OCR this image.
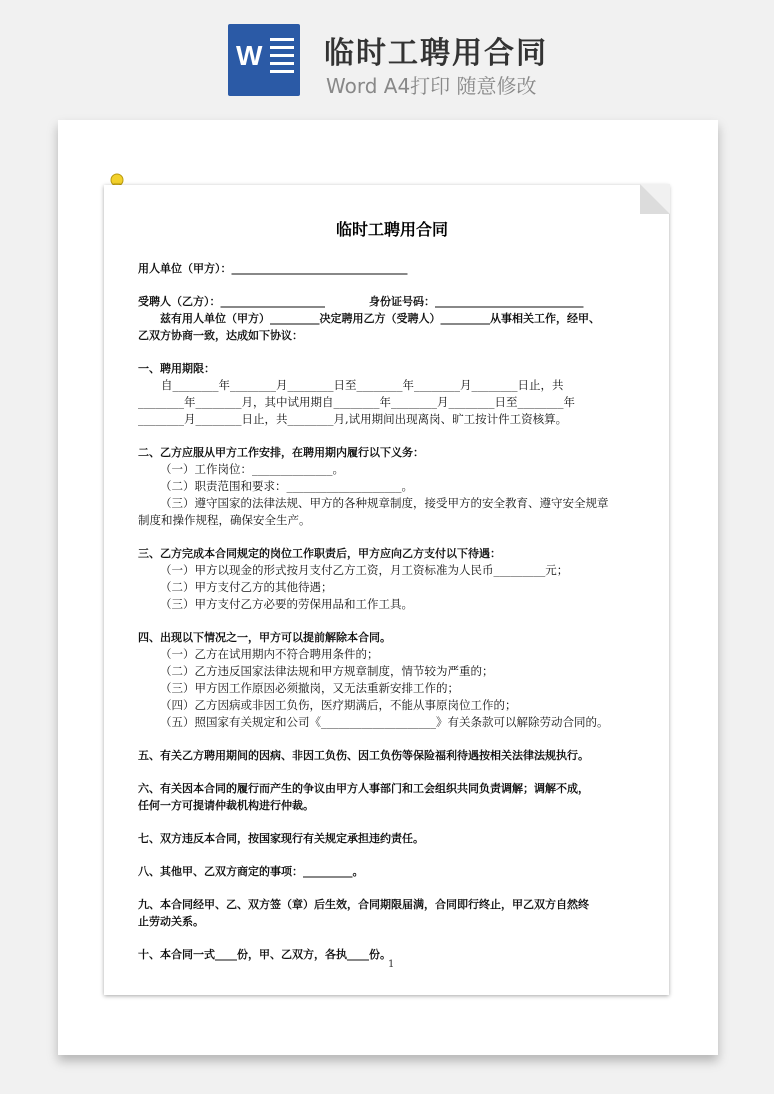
W 临时工聘用合同
Word A4打印 随意修改
临时工聘用合同

用人单位（甲方）：________________________________

受聘人（乙方）：___________________　　　　身份证号码：___________________________

　　兹有用人单位（甲方）_________决定聘用乙方（受聘人）_________从事相关工作，经甲、

乙双方协商一致，达成如下协议：

一、聘用期限：

　　自________年________月________日至________年________月________日止，共

________年________月，其中试用期自________年________月________日至________年

________月________日止，共________月,试用期间出现离岗、旷工按计件工资核算。

二、乙方应服从甲方工作安排，在聘用期内履行以下义务：

（一）工作岗位：______________。

（二）职责范围和要求：____________________。

（三）遵守国家的法律法规、甲方的各种规章制度，接受甲方的安全教育、遵守安全规章

制度和操作规程，确保安全生产。

三、乙方完成本合同规定的岗位工作职责后，甲方应向乙方支付以下待遇：

（一）甲方以现金的形式按月支付乙方工资，月工资标准为人民币_________元；

（二）甲方支付乙方的其他待遇；

（三）甲方支付乙方必要的劳保用品和工作工具。

四、出现以下情况之一，甲方可以提前解除本合同。

（一）乙方在试用期内不符合聘用条件的；

（二）乙方违反国家法律法规和甲方规章制度，情节较为严重的；

（三）甲方因工作原因必须撤岗，又无法重新安排工作的；

（四）乙方因病或非因工负伤，医疗期满后，不能从事原岗位工作的；

（五）照国家有关规定和公司《____________________》有关条款可以解除劳动合同的。

五、有关乙方聘用期间的因病、非因工负伤、因工负伤等保险福利待遇按相关法律法规执行。

六、有关因本合同的履行而产生的争议由甲方人事部门和工会组织共同负责调解；调解不成，

任何一方可提请仲裁机构进行仲裁。

七、双方违反本合同，按国家现行有关规定承担违约责任。

八、其他甲、乙双方商定的事项：_________。

九、本合同经甲、乙、双方签（章）后生效，合同期限届满，合同即行终止，甲乙双方自然终

止劳动关系。

十、本合同一式____份，甲、乙双方，各执____份。

1
